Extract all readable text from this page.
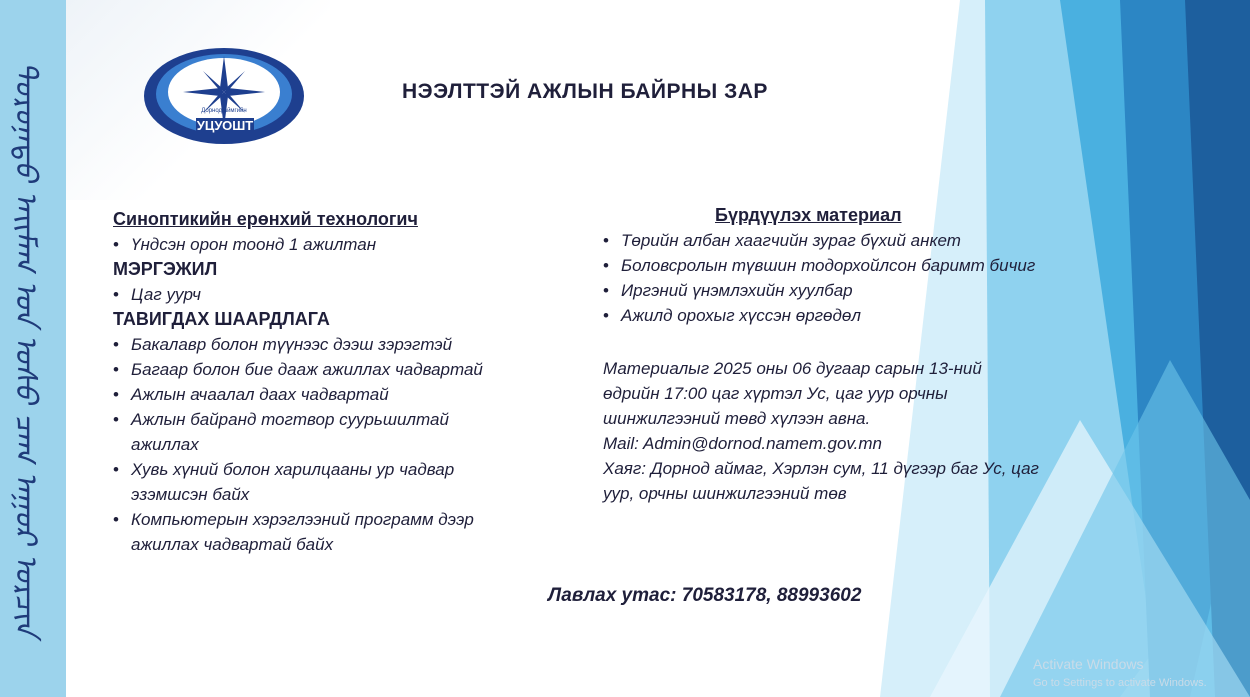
ᠳᠣᠷᠣᠨᠠᠳᠤ ᠠᠢᠮᠠᠭ ᠤᠨ ᠤᠰᠤ ᠴᠠᠭ ᠠᠭᠤᠷ ᠣᠷᠴᠢᠨ	Дорнод аймгийн
УЦУОШТ
НЭЭЛТТЭЙ АЖЛЫН БАЙРНЫ ЗАР
Синоптикийн ерөнхий технологич
• Үндсэн орон тоонд 1 ажилтан
МЭРГЭЖИЛ
• Цаг уурч
ТАВИГДАХ ШААРДЛАГА
• Бакалавр болон түүнээс дээш зэрэгтэй
• Багаар болон бие дааж ажиллах чадвартай
• Ажлын ачаалал даах чадвартай
• Ажлын байранд тогтвор суурьшилтай ажиллах
• Хувь хүний болон харилцааны ур чадвар эзэмшсэн байх
• Компьютерын хэрэглээний программ дээр ажиллах чадвартай байх
Бүрдүүлэх материал
• Төрийн албан хаагчийн зураг бүхий анкет
• Боловсролын түвшин тодорхойлсон баримт бичиг
• Иргэний үнэмлэхийн хуулбар
• Ажилд орохыг хүссэн өргөдөл
Материалыг 2025 оны 06 дугаар сарын 13-ний өдрийн 17:00 цаг хүртэл Ус, цаг уур орчны шинжилгээний төвд хүлээн авна.
Mail: Admin@dornod.namem.gov.mn
Хаяг: Дорнод аймаг, Хэрлэн сум, 11 дүгээр баг Ус, цаг уур, орчны шинжилгээний төв
Лавлах утас: 70583178, 88993602
Activate Windows
Go to Settings to activate Windows.
